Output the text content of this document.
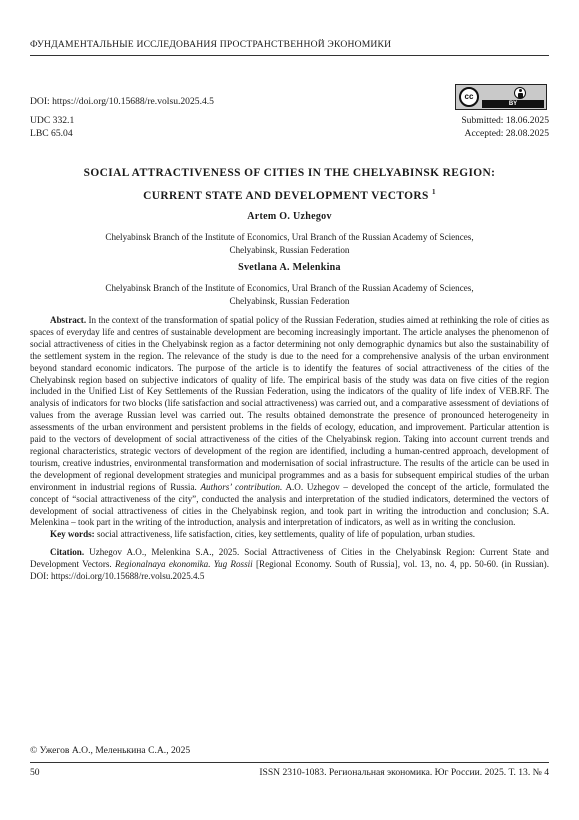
ФУНДАМЕНТАЛЬНЫЕ ИССЛЕДОВАНИЯ ПРОСТРАНСТВЕННОЙ ЭКОНОМИКИ
DOI: https://doi.org/10.15688/re.volsu.2025.4.5	cc
BY
UDC 332.1
LBC 65.04
Submitted: 18.06.2025
Accepted: 28.08.2025
SOCIAL ATTRACTIVENESS OF CITIES IN THE CHELYABINSK REGION:
CURRENT STATE AND DEVELOPMENT VECTORS $^1$
Artem O. Uzhegov
Chelyabinsk Branch of the Institute of Economics, Ural Branch of the Russian Academy of Sciences,
Chelyabinsk, Russian Federation
Svetlana A. Melenkina
Chelyabinsk Branch of the Institute of Economics, Ural Branch of the Russian Academy of Sciences,
Chelyabinsk, Russian Federation

Abstract. In the context of the transformation of spatial policy of the Russian Federation, studies aimed at rethinking the role of cities as spaces of everyday life and centres of sustainable development are becoming increasingly important. The article analyses the phenomenon of social attractiveness of cities in the Chelyabinsk region as a factor determining not only demographic dynamics but also the sustainability of the settlement system in the region. The relevance of the study is due to the need for a comprehensive analysis of the urban environment beyond standard economic indicators. The purpose of the article is to identify the features of social attractiveness of the cities of the Chelyabinsk region based on subjective indicators of quality of life. The empirical basis of the study was data on five cities of the region included in the Unified List of Key Settlements of the Russian Federation, using the indicators of the quality of life index of VEB.RF. The analysis of indicators for two blocks (life satisfaction and social attractiveness) was carried out, and a comparative assessment of deviations of values from the average Russian level was carried out. The results obtained demonstrate the presence of pronounced heterogeneity in assessments of the urban environment and persistent problems in the fields of ecology, education, and improvement. Particular attention is paid to the vectors of development of social attractiveness of the cities of the Chelyabinsk region. Taking into account current trends and regional characteristics, strategic vectors of development of the region are identified, including a human-centred approach, development of tourism, creative industries, environmental transformation and modernisation of social infrastructure. The results of the article can be used in the development of regional development strategies and municipal programmes and as a basis for subsequent empirical studies of the urban environment in industrial regions of Russia. Authors’ contribution. A.O. Uzhegov – developed the concept of the article, formulated the concept of “social attractiveness of the city”, conducted the analysis and interpretation of the studied indicators, determined the vectors of development of social attractiveness of cities in the Chelyabinsk region, and took part in writing the introduction and conclusion; S.A. Melenkina – took part in the writing of the introduction, analysis and interpretation of indicators, as well as in writing the conclusion.

Key words: social attractiveness, life satisfaction, cities, key settlements, quality of life of population, urban studies.

Citation. Uzhegov A.O., Melenkina S.A., 2025. Social Attractiveness of Cities in the Chelyabinsk Region: Current State and Development Vectors. Regionalnaya ekonomika. Yug Rossii [Regional Economy. South of Russia], vol. 13, no. 4, pp. 50-60. (in Russian). DOI: https://doi.org/10.15688/re.volsu.2025.4.5

© Ужегов А.О., Меленькина С.А., 2025
50	ISSN 2310-1083. Региональная экономика. Юг России. 2025. Т. 13. № 4
